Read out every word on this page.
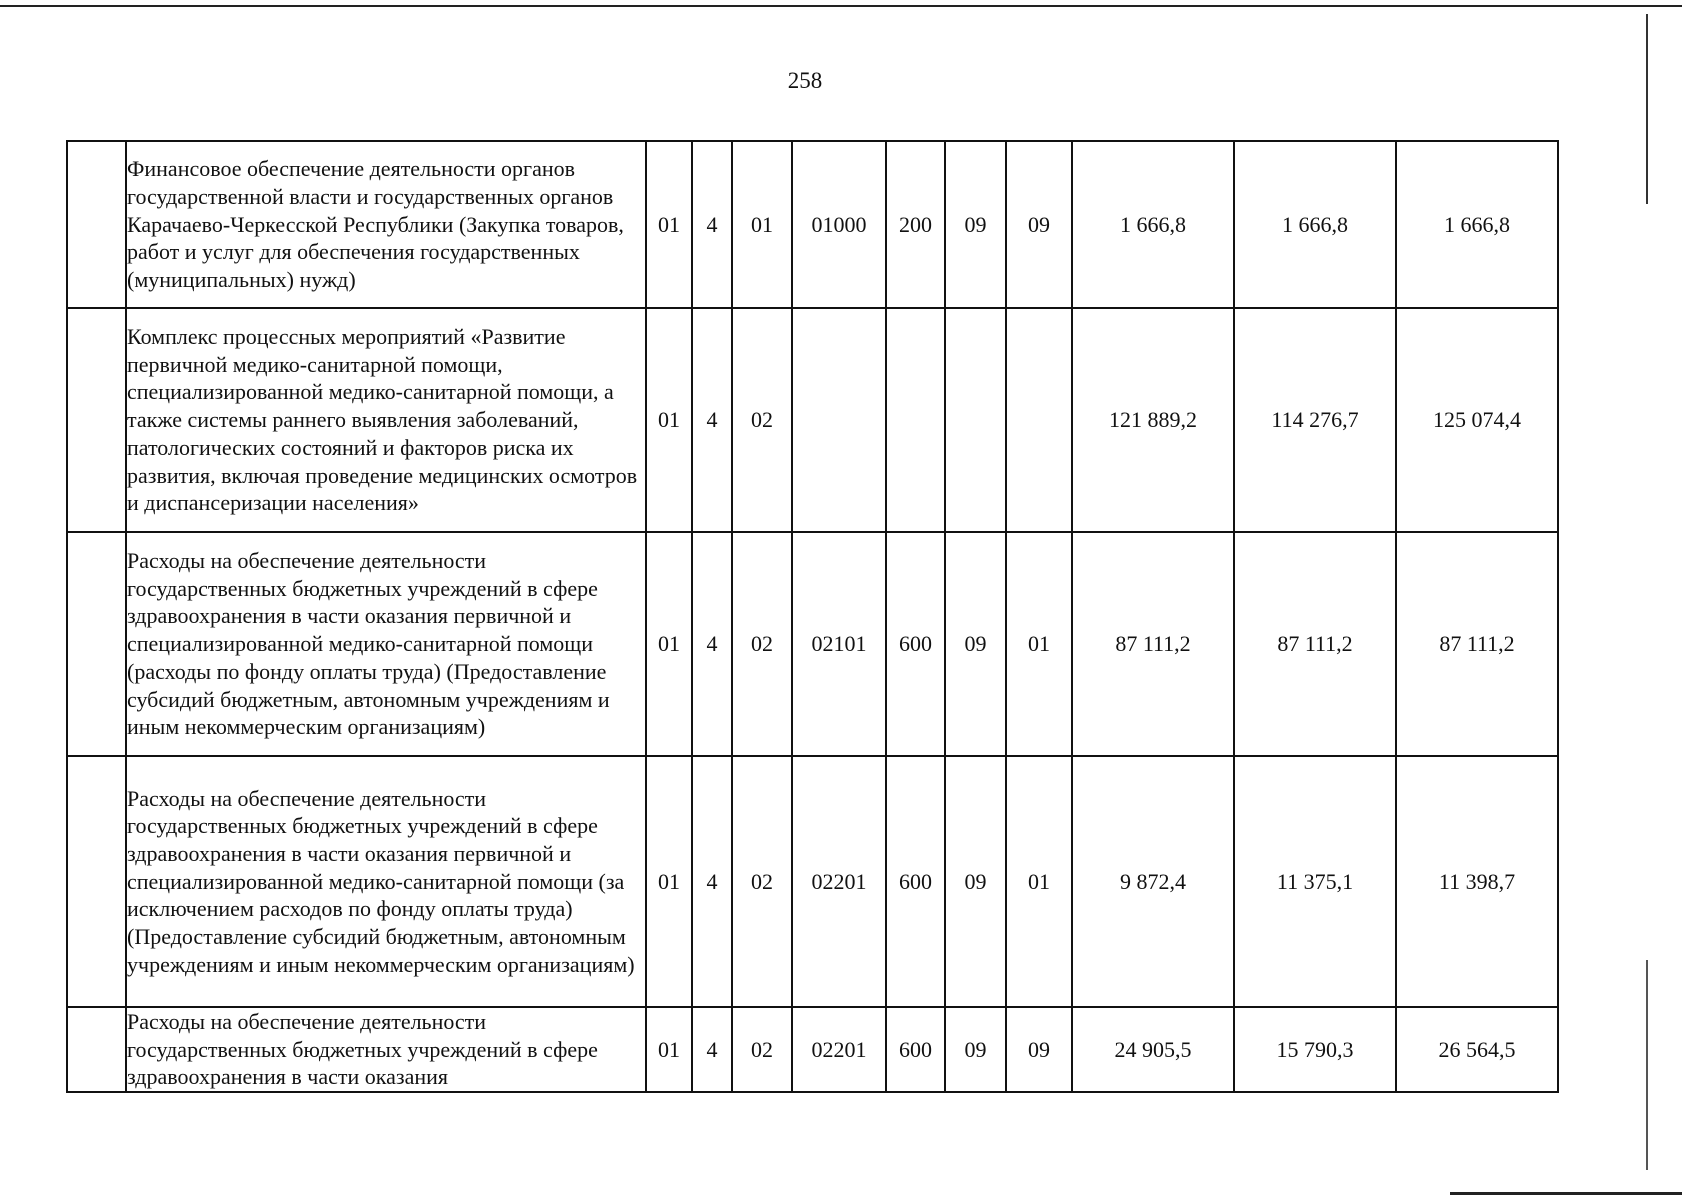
258
	Финансовое обеспечение деятельности органов государственной власти и государственных органов Карачаево-Черкесской Республики (Закупка товаров, работ и услуг для обеспечения государственных (муниципальных) нужд)	01	4	01	01000	200	09	09	1 666,8	1 666,8	1 666,8
	Комплекс процессных мероприятий «Развитие первичной медико-санитарной помощи, специализированной медико-санитарной помощи, а также системы раннего выявления заболеваний, патологических состояний и факторов риска их развития, включая проведение медицинских осмотров и диспансеризации населения»	01	4	02					121 889,2	114 276,7	125 074,4
	Расходы на обеспечение деятельности государственных бюджетных учреждений в сфере здравоохранения в части оказания первичной и специализированной медико-санитарной помощи (расходы по фонду оплаты труда) (Предоставление субсидий бюджетным, автономным учреждениям и иным некоммерческим организациям)	01	4	02	02101	600	09	01	87 111,2	87 111,2	87 111,2
	Расходы на обеспечение деятельности государственных бюджетных учреждений в сфере здравоохранения в части оказания первичной и специализированной медико-санитарной помощи (за исключением расходов по фонду оплаты труда) (Предоставление субсидий бюджетным, автономным учреждениям и иным некоммерческим организациям)	01	4	02	02201	600	09	01	9 872,4	11 375,1	11 398,7
	Расходы на обеспечение деятельности государственных бюджетных учреждений в сфере здравоохранения в части оказания	01	4	02	02201	600	09	09	24 905,5	15 790,3	26 564,5
